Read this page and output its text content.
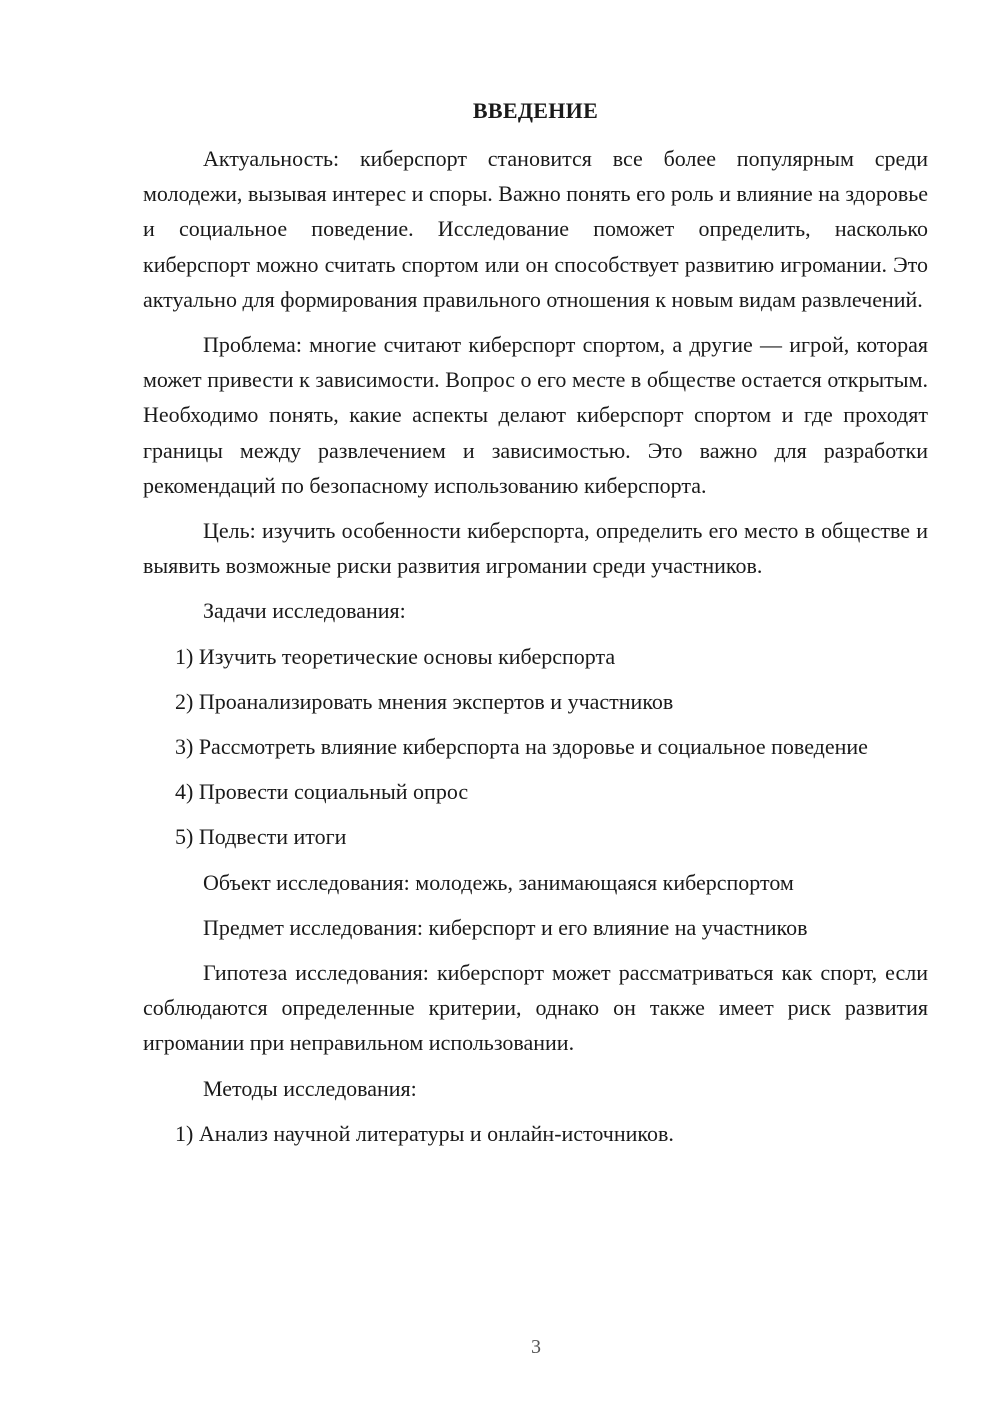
ВВЕДЕНИЕ

Актуальность: киберспорт становится все более популярным среди молодежи, вызывая интерес и споры. Важно понять его роль и влияние на здоровье и социальное поведение. Исследование поможет определить, насколько киберспорт можно считать спортом или он способствует развитию игромании. Это актуально для формирования правильного отношения к новым видам развлечений.

Проблема: многие считают киберспорт спортом, а другие — игрой, которая может привести к зависимости. Вопрос о его месте в обществе остается открытым. Необходимо понять, какие аспекты делают киберспорт спортом и где проходят границы между развлечением и зависимостью. Это важно для разработки рекомендаций по безопасному использованию киберспорта.

Цель: изучить особенности киберспорта, определить его место в обществе и выявить возможные риски развития игромании среди участников.

Задачи исследования:

1) Изучить теоретические основы киберспорта

2) Проанализировать мнения экспертов и участников

3) Рассмотреть влияние киберспорта на здоровье и социальное поведение

4) Провести социальный опрос

5) Подвести итоги

Объект исследования: молодежь, занимающаяся киберспортом

Предмет исследования: киберспорт и его влияние на участников

Гипотеза исследования: киберспорт может рассматриваться как спорт, если соблюдаются определенные критерии, однако он также имеет риск развития игромании при неправильном использовании.

Методы исследования:

1) Анализ научной литературы и онлайн-источников.

3
